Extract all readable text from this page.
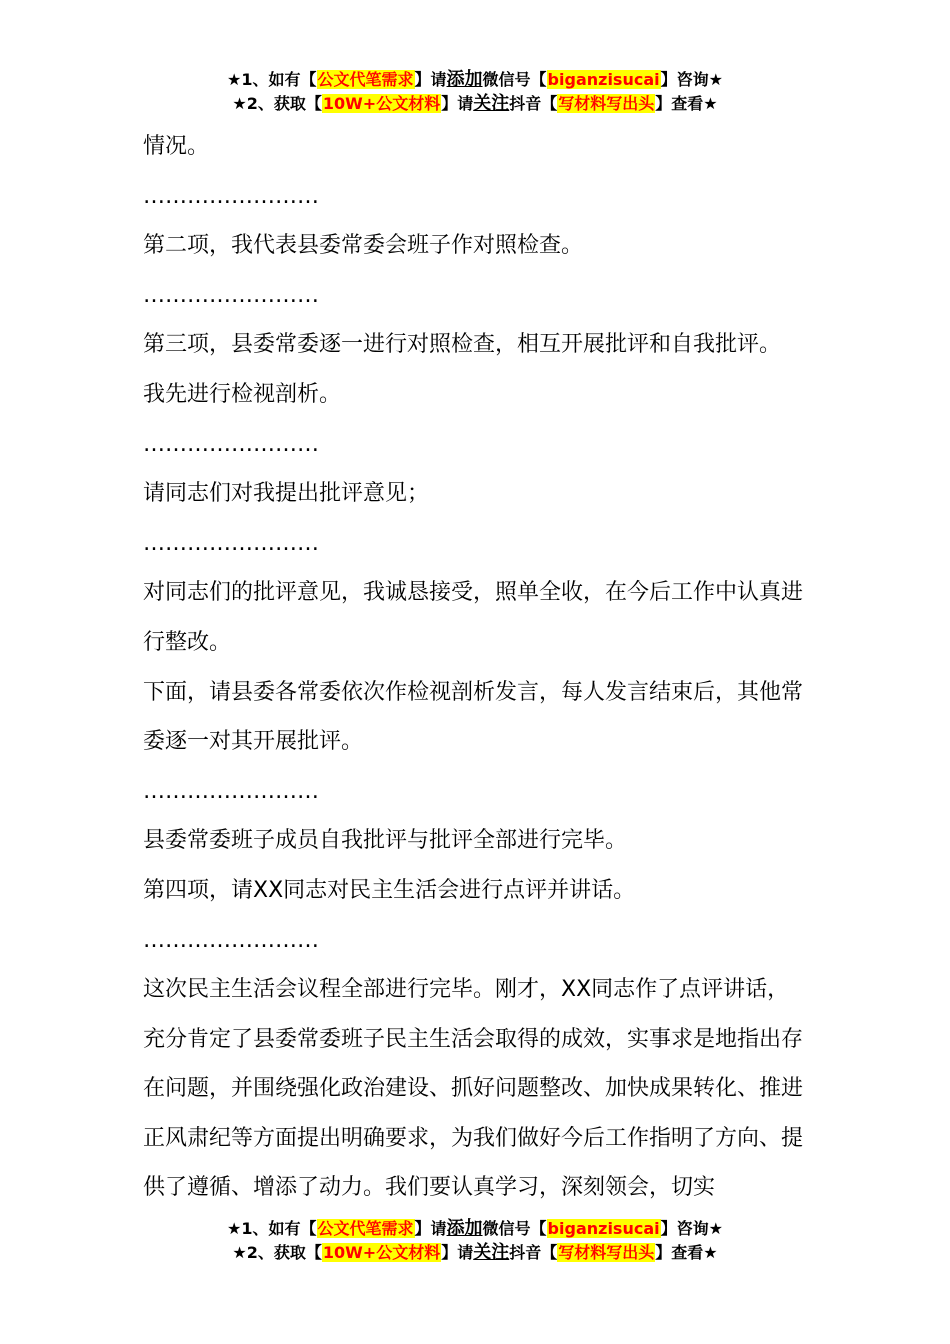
★1、如有【公文代笔需求】请添加微信号【biganzisucai】咨询★
★2、获取【10W+公文材料】请关注抖音【写材料写出头】查看★

情况。

……………………

第二项，我代表县委常委会班子作对照检查。

……………………

第三项，县委常委逐一进行对照检查，相互开展批评和自我批评。

我先进行检视剖析。

……………………

请同志们对我提出批评意见；

……………………

对同志们的批评意见，我诚恳接受，照单全收，在今后工作中认真进行整改。

下面，请县委各常委依次作检视剖析发言，每人发言结束后，其他常委逐一对其开展批评。

……………………

县委常委班子成员自我批评与批评全部进行完毕。

第四项，请XX同志对民主生活会进行点评并讲话。

……………………

这次民主生活会议程全部进行完毕。刚才，XX同志作了点评讲话，充分肯定了县委常委班子民主生活会取得的成效，实事求是地指出存在问题，并围绕强化政治建设、抓好问题整改、加快成果转化、推进正风肃纪等方面提出明确要求，为我们做好今后工作指明了方向、提供了遵循、增添了动力。我们要认真学习，深刻领会，切实

★1、如有【公文代笔需求】请添加微信号【biganzisucai】咨询★
★2、获取【10W+公文材料】请关注抖音【写材料写出头】查看★
